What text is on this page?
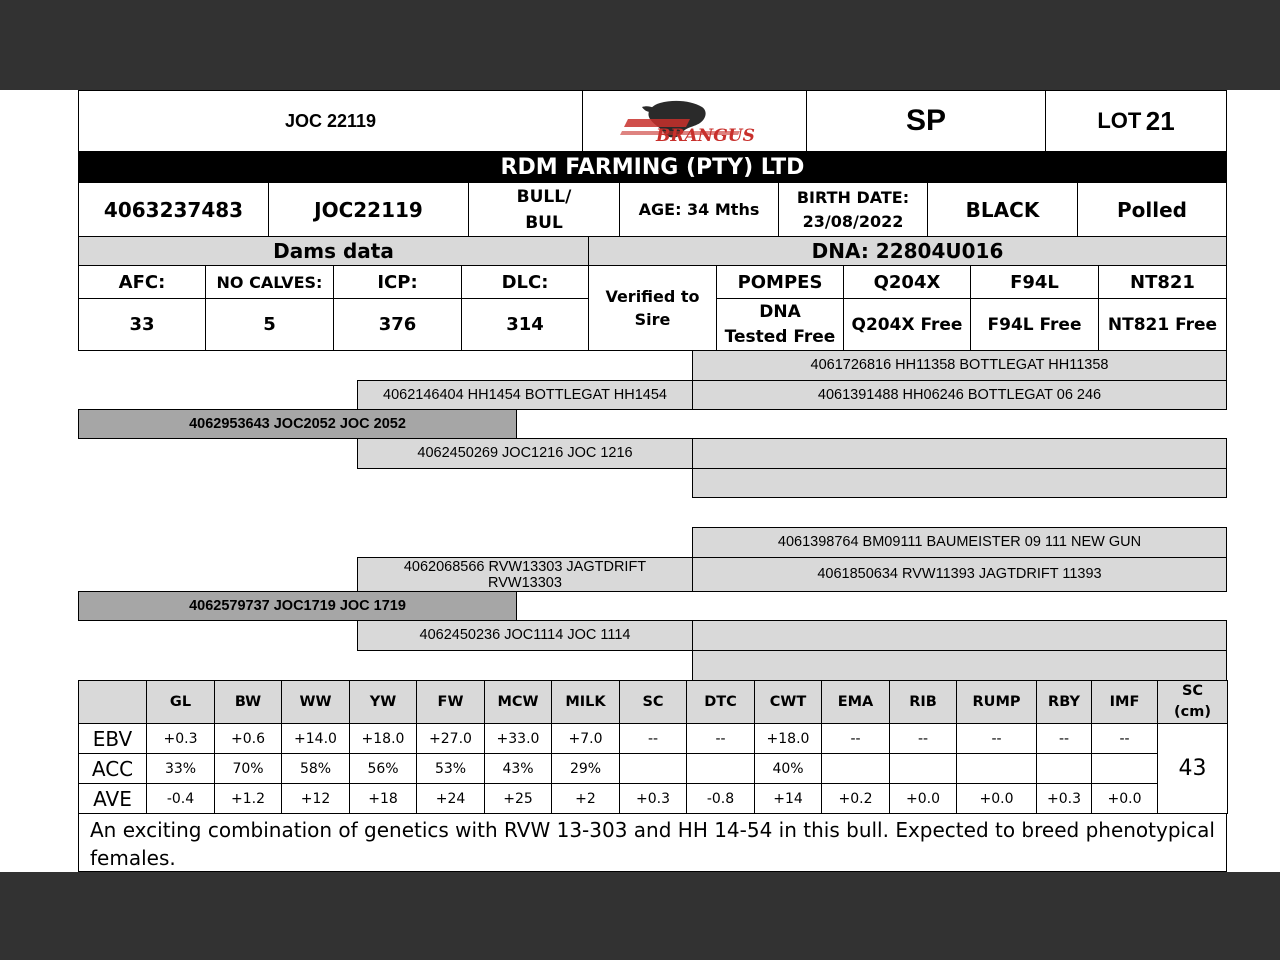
JOC 22119
BRANGUS	SP	LOT
21
RDM FARMING (PTY) LTD
4063237483	JOC22119
BULL/
BUL
AGE: 34 Mths
BIRTH DATE:
23/08/2022	BLACK	Polled
Dams data	DNA: 22804U016
AFC:	NO CALVES:	ICP:	DLC:
33	5	376	314
Verified to
Sire
POMPES	Q204X	F94L	NT821
DNA
Tested Free
Q204X Free F94L Free NT821 Free
4061726816 HH11358 BOTTLEGAT HH11358
4062146404 HH1454 BOTTLEGAT HH1454	4061391488 HH06246 BOTTLEGAT 06 246
4062953643 JOC2052 JOC 2052
4062450269 JOC1216 JOC 1216
4061398764 BM09111 BAUMEISTER 09 111 NEW GUN
4062068566 RVW13303 JAGTDRIFT
RVW13303
4061850634 RVW11393 JAGTDRIFT 11393
4062579737 JOC1719 JOC 1719
4062450236 JOC1114 JOC 1114
	GL	BW	WW	YW	FW	MCW	MILK	SC	DTC	CWT	EMA	RIB	RUMP	RBY	IMF	SC
(cm)
EBV	+0.3	+0.6	+14.0	+18.0	+27.0	+33.0	+7.0	--	--	+18.0	--	--	--	--	--	43
ACC	33%	70%	58%	56%	53%	43%	29%			40%						
AVE	-0.4	+1.2	+12	+18	+24	+25	+2	+0.3	-0.8	+14	+0.2	+0.0	+0.0	+0.3	+0.0	
An exciting combination of genetics with RVW 13-303 and HH 14-54 in this bull. Expected to breed phenotypical females.
